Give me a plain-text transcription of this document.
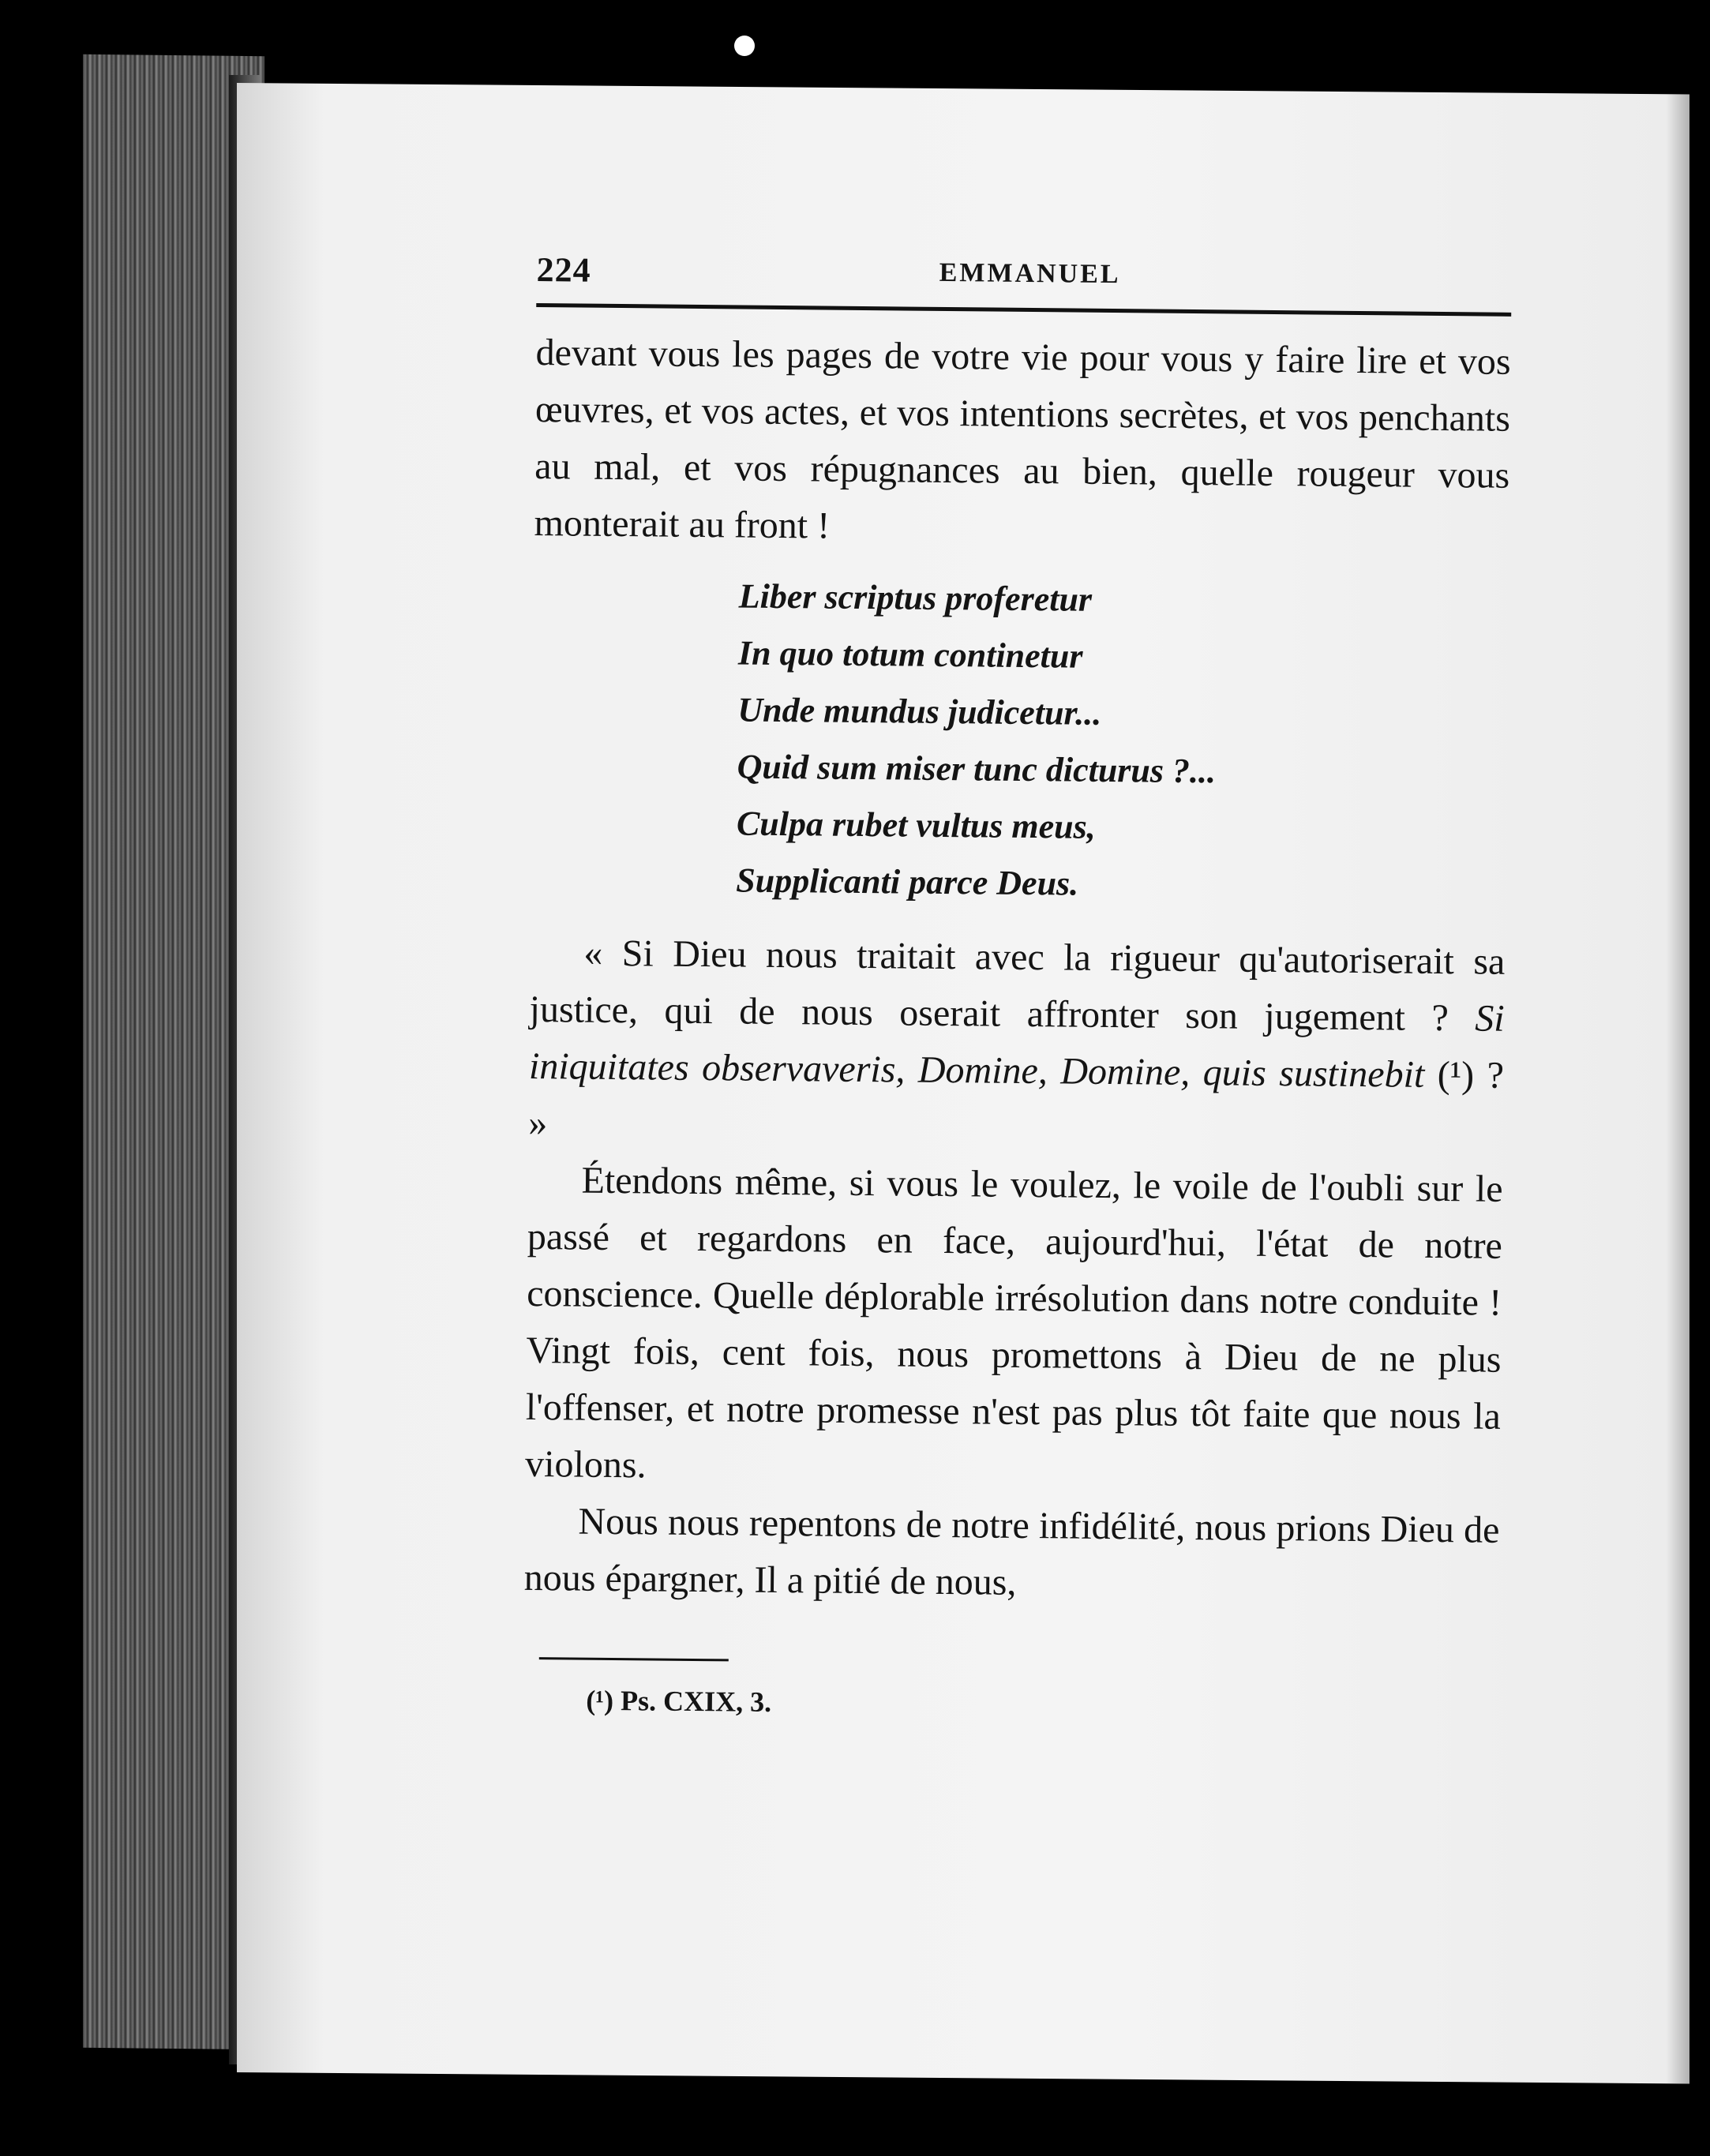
224	EMMANUEL

devant vous les pages de votre vie pour vous y faire lire et vos œuvres, et vos actes, et vos intentions secrètes, et vos penchants au mal, et vos répugnances au bien, quelle rougeur vous monterait au front !

Liber scriptus proferetur
In quo totum continetur
Unde mundus judicetur...
Quid sum miser tunc dicturus ?...
Culpa rubet vultus meus,
Supplicanti parce Deus.

« Si Dieu nous traitait avec la rigueur qu'autoriserait sa justice, qui de nous oserait affronter son jugement ? Si iniquitates observaveris, Domine, Domine, quis sustinebit (¹) ? »

Étendons même, si vous le voulez, le voile de l'oubli sur le passé et regardons en face, aujourd'hui, l'état de notre conscience. Quelle déplorable irrésolution dans notre conduite ! Vingt fois, cent fois, nous promettons à Dieu de ne plus l'offenser, et notre promesse n'est pas plus tôt faite que nous la violons.

Nous nous repentons de notre infidélité, nous prions Dieu de nous épargner, Il a pitié de nous,

(¹) Ps. CXIX, 3.
